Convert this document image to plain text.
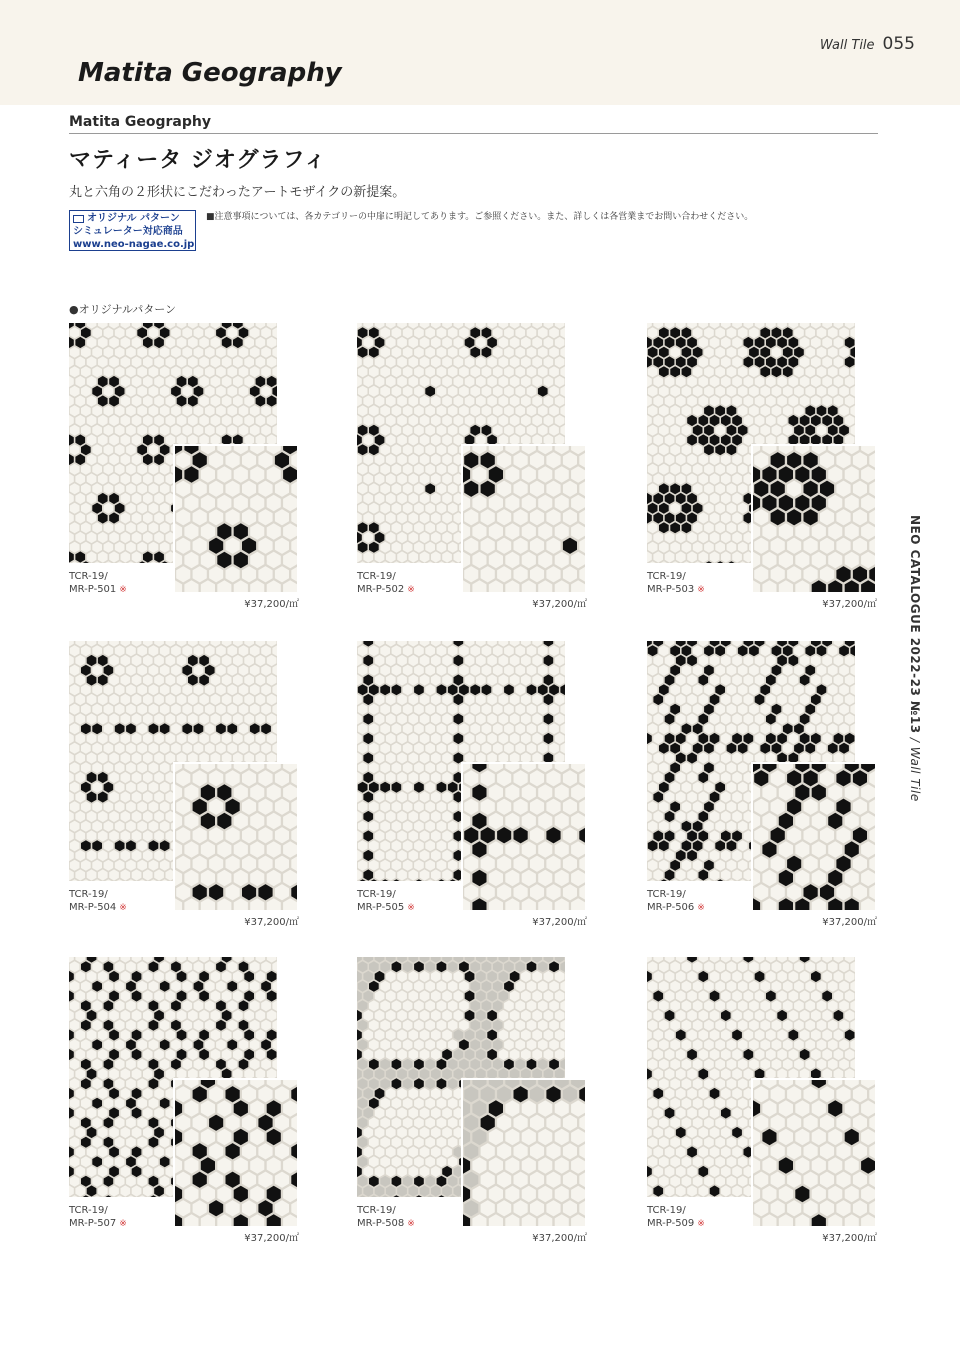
Wall Tile 055
Matita Geography
Matita Geography
マティータ ジオグラフィ
丸と六角の２形状にこだわったアートモザイクの新提案。
オリジナル パターン
シミュレーター対応商品
www.neo-nagae.co.jp
■注意事項については、各カテゴリーの中扉に明記してあります。ご参照ください。また、詳しくは各営業までお問い合わせください。
●オリジナルパターン
NEO CATALOGUE 2022-23 №13 / Wall Tile
TCR-19/
MR-P-501 ※
¥37,200/㎡
TCR-19/
MR-P-502 ※
¥37,200/㎡
TCR-19/
MR-P-503 ※
¥37,200/㎡
TCR-19/
MR-P-504 ※
¥37,200/㎡
TCR-19/
MR-P-505 ※
¥37,200/㎡
TCR-19/
MR-P-506 ※
¥37,200/㎡
TCR-19/
MR-P-507 ※
¥37,200/㎡
TCR-19/
MR-P-508 ※
¥37,200/㎡
TCR-19/
MR-P-509 ※
¥37,200/㎡
